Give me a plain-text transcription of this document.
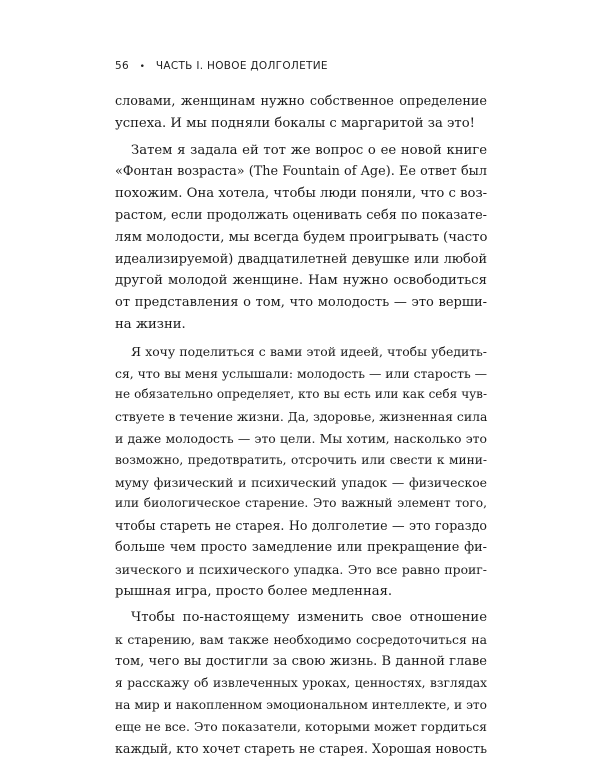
56 • ЧАСТЬ I. НОВОЕ ДОЛГОЛЕТИЕ
словами, женщинам нужно собственное определение
успеха. И мы подняли бокалы с маргаритой за это!
Затем я задала ей тот же вопрос о ее новой книге
«Фонтан возраста» (The Fountain of Age). Ее ответ был
похожим. Она хотела, чтобы люди поняли, что с воз-
растом, если продолжать оценивать себя по показате-
лям молодости, мы всегда будем проигрывать (часто
идеализируемой) двадцатилетней девушке или любой
другой молодой женщине. Нам нужно освободиться
от представления о том, что молодость — это верши-
на жизни.
Я хочу поделиться с вами этой идеей, чтобы убедить-
ся, что вы меня услышали: молодость — или старость —
не обязательно определяет, кто вы есть или как себя чув-
ствуете в течение жизни. Да, здоровье, жизненная сила
и даже молодость — это цели. Мы хотим, насколько это
возможно, предотвратить, отсрочить или свести к мини-
муму физический и психический упадок — физическое
или биологическое старение. Это важный элемент того,
чтобы стареть не старея. Но долголетие — это гораздо
больше чем просто замедление или прекращение фи-
зического и психического упадка. Это все равно проиг-
рышная игра, просто более медленная.
Чтобы по-настоящему изменить свое отношение
к старению, вам также необходимо сосредоточиться на
том, чего вы достигли за свою жизнь. В данной главе
я расскажу об извлеченных уроках, ценностях, взглядах
на мир и накопленном эмоциональном интеллекте, и это
еще не все. Это показатели, которыми может гордиться
каждый, кто хочет стареть не старея. Хорошая новость
